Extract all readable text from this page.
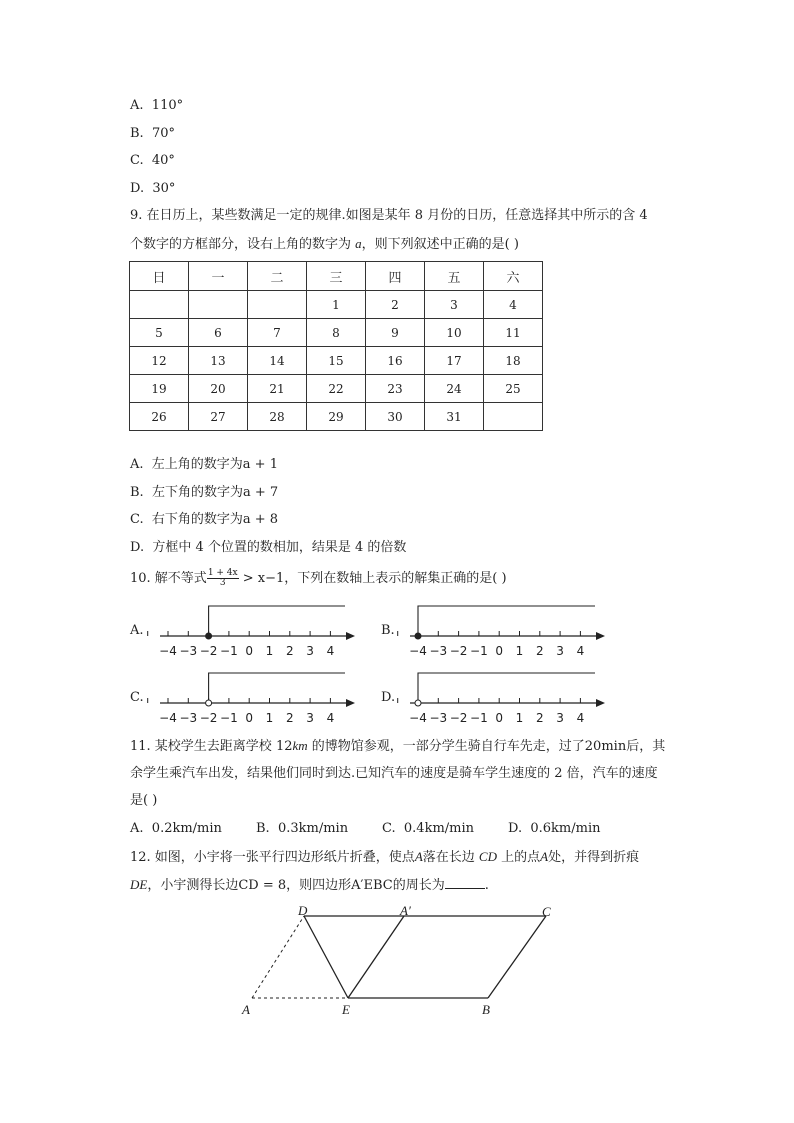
A. 110°
B. 70°
C. 40°
D. 30°
9. 在日历上，某些数满足一定的规律.如图是某年 8 月份的日历，任意选择其中所示的含 4
个数字的方框部分，设右上角的数字为 a，则下列叙述中正确的是( )
日	一	二	三	四	五	六
			1	2	3	4
5	6	7	8	9	10	11
12	13	14	15	16	17	18
19	20	21	22	23	24	25
26	27	28	29	30	31	
A. 左上角的数字为a + 1
B. 左下角的数字为a + 7
C. 右下角的数字为a + 8
D. 方框中 4 个位置的数相加，结果是 4 的倍数
10. 解不等式 $\frac{1 + 4x}{3} > x-1$，下列在数轴上表示的解集正确的是( )
A.
−4 −3 −2 −1 0 1 2 3 4
B.
−4 −3 −2 −1 0 1 2 3 4
C.
−4 −3 −2 −1 0 1 2 3 4
D.
−4 −3 −2 −1 0 1 2 3 4
11. 某校学生去距离学校 12km 的博物馆参观，一部分学生骑自行车先走，过了20min后，其
余学生乘汽车出发，结果他们同时到达.已知汽车的速度是骑车学生速度的 2 倍，汽车的速度
是( )
A. 0.2km/min	B. 0.3km/min	C. 0.4km/min	D. 0.6km/min
12. 如图，小宇将一张平行四边形纸片折叠，使点A落在长边 CD 上的点A处，并得到折痕
DE，小宇测得长边CD = 8，则四边形A′EBC的周长为	.
D	A′	C
A	E	B
